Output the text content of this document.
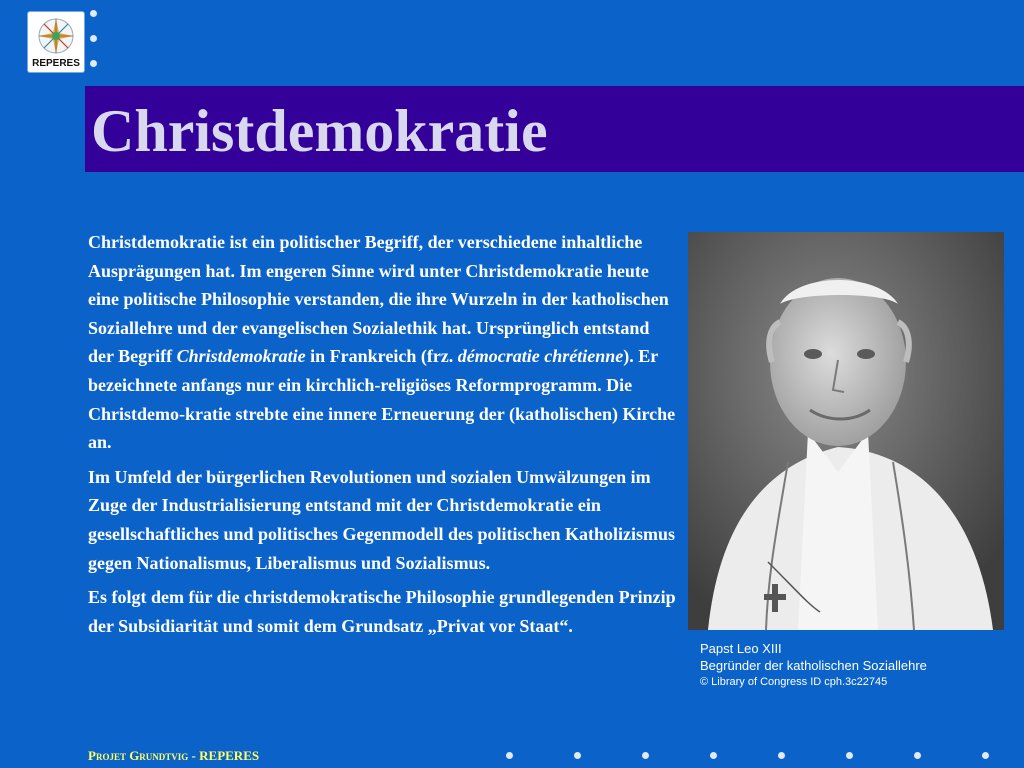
REPERES
Christdemokratie

Christdemokratie ist ein politischer Begriff, der verschiedene inhaltliche Ausprägungen hat. Im engeren Sinne wird unter Christdemokratie heute eine politische Philosophie verstanden, die ihre Wurzeln in der katholischen Soziallehre und der evangelischen Sozialethik hat. Ursprünglich entstand der Begriff Christdemokratie in Frankreich (frz. démocratie chrétienne). Er bezeichnete anfangs nur ein kirchlich-religiöses Reformprogramm. Die Christdemo-kratie strebte eine innere Erneuerung der (katholischen) Kirche an.

Im Umfeld der bürgerlichen Revolutionen und sozialen Umwälzungen im Zuge der Industrialisierung entstand mit der Christdemokratie ein gesellschaftliches und politisches Gegenmodell des politischen Katholizismus gegen Nationalismus, Liberalismus und Sozialismus.

Es folgt dem für die christdemokratische Philosophie grundlegenden Prinzip der Subsidiarität und somit dem Grundsatz „Privat vor Staat“.

Papst Leo XIII
Begründer der katholischen Soziallehre
© Library of Congress ID cph.3c22745
Projet Grundtvig - REPERES
